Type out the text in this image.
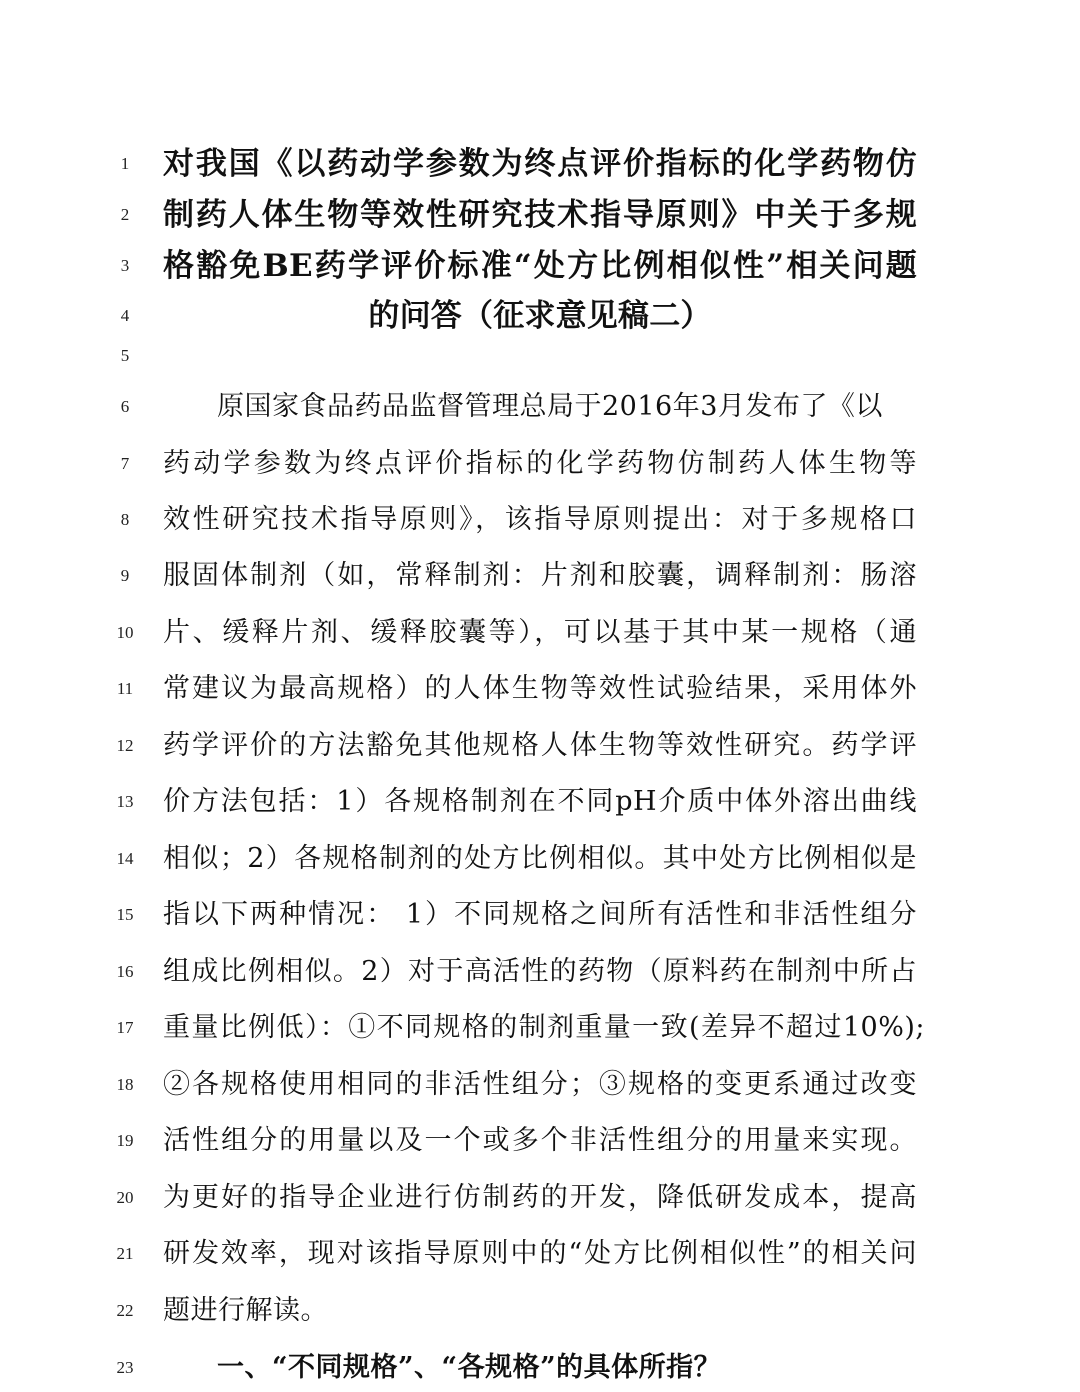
1	对我国《以药动学参数为终点评价指标的化学药物仿
2	制药人体生物等效性研究技术指导原则》中关于多规
3	格豁免BE药学评价标准“处方比例相似性”相关问题
4	的问答（征求意见稿二）
5
6	原国家食品药品监督管理总局于2016年3月发布了《以
7	药动学参数为终点评价指标的化学药物仿制药人体生物等
8	效性研究技术指导原则》，该指导原则提出：对于多规格口
9	服固体制剂（如，常释制剂：片剂和胶囊，调释制剂：肠溶
10	片、缓释片剂、缓释胶囊等），可以基于其中某一规格（通
11	常建议为最高规格）的人体生物等效性试验结果，采用体外
12	药学评价的方法豁免其他规格人体生物等效性研究。药学评
13	价方法包括：1）各规格制剂在不同pH介质中体外溶出曲线
14	相似；2）各规格制剂的处方比例相似。其中处方比例相似是
15	指以下两种情况： 1）不同规格之间所有活性和非活性组分
16	组成比例相似。2）对于高活性的药物（原料药在制剂中所占
17	重量比例低）：①不同规格的制剂重量一致(差异不超过10%);
18	②各规格使用相同的非活性组分；③规格的变更系通过改变
19	活性组分的用量以及一个或多个非活性组分的用量来实现。
20	为更好的指导企业进行仿制药的开发，降低研发成本，提高
21	研发效率，现对该指导原则中的“处方比例相似性”的相关问
22	题进行解读。
23	一、“不同规格”、“各规格”的具体所指？
